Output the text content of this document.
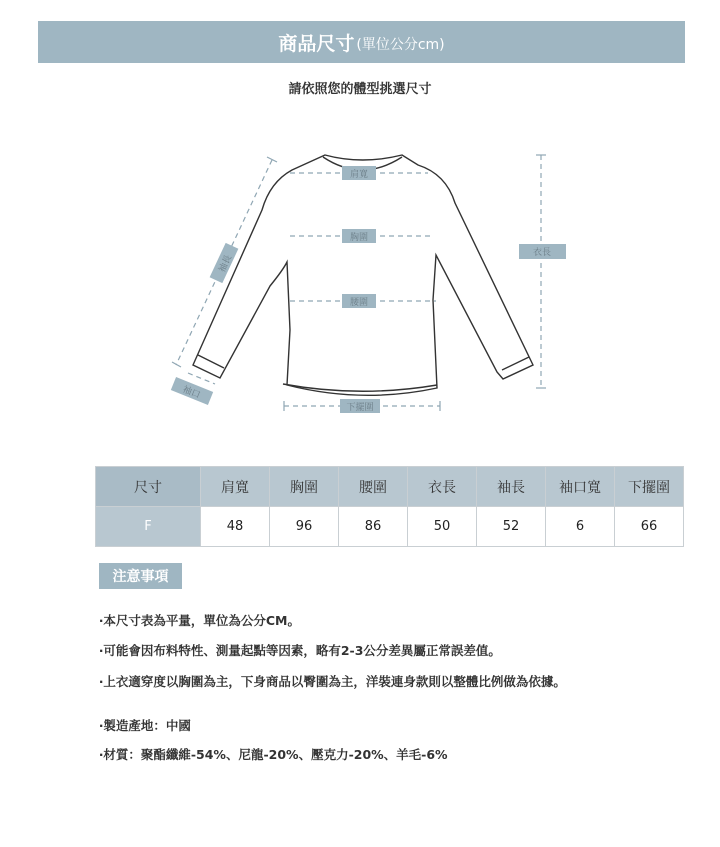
商品尺寸 (單位公分cm)
請依照您的體型挑選尺寸
肩寬
胸圍
腰圍
下擺圍
衣長
袖長
袖口
尺寸	肩寬	胸圍	腰圍	衣長	袖長	袖口寬	下擺圍
F	48	96	86	50	52	6	66
注意事項
‧本尺寸表為平量，單位為公分CM。
‧可能會因布料特性、測量起點等因素，略有2-3公分差異屬正常誤差值。
‧上衣適穿度以胸圍為主，下身商品以臀圍為主，洋裝連身款則以整體比例做為依據。
‧製造產地：中國
‧材質：聚酯纖維-54%、尼龍-20%、壓克力-20%、羊毛-6%
